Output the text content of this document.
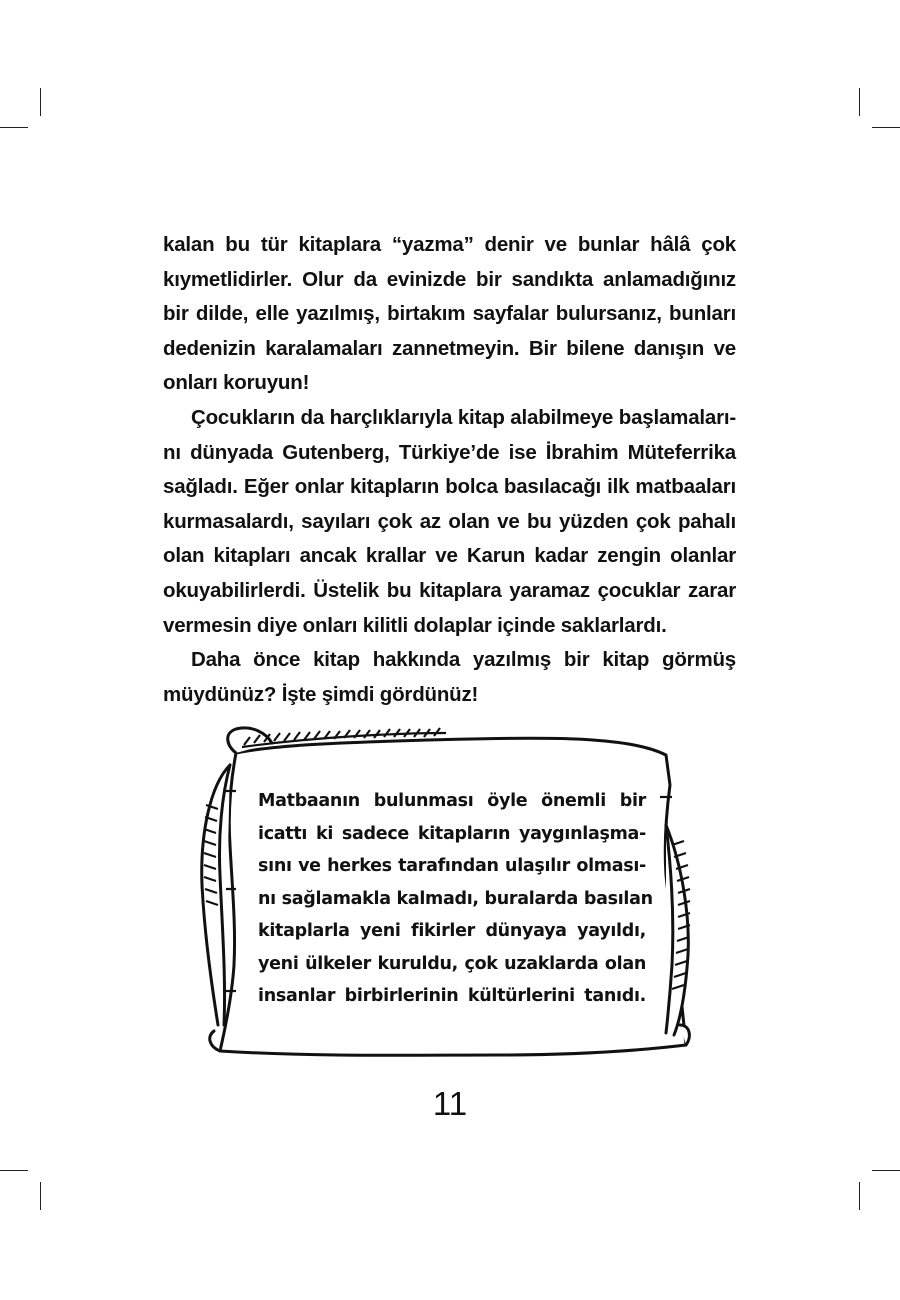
kalan bu tür kitaplara “yazma” denir ve bunlar hâlâ çok
kıymetlidirler. Olur da evinizde bir sandıkta anlamadığınız
bir dilde, elle yazılmış, birtakım sayfalar bulursanız, bunları
dedenizin karalamaları zannetmeyin. Bir bilene danışın ve
onları koruyun!

Çocukların da harçlıklarıyla kitap alabilmeye başlamaları-
nı dünyada Gutenberg, Türkiye’de ise İbrahim Müteferrika
sağladı. Eğer onlar kitapların bolca basılacağı ilk matbaaları
kurmasalardı, sayıları çok az olan ve bu yüzden çok pahalı
olan kitapları ancak krallar ve Karun kadar zengin olanlar
okuyabilirlerdi. Üstelik bu kitaplara yaramaz çocuklar zarar
vermesin diye onları kilitli dolaplar içinde saklarlardı.

Daha önce kitap hakkında yazılmış bir kitap görmüş
müydünüz? İşte şimdi gördünüz!

Matbaanın bulunması öyle önemli bir
icattı ki sadece kitapların yaygınlaşma-
sını ve herkes tarafından ulaşılır olması-
nı sağlamakla kalmadı, buralarda basılan
kitaplarla yeni fikirler dünyaya yayıldı,
yeni ülkeler kuruldu, çok uzaklarda olan
insanlar birbirlerinin kültürlerini tanıdı.
11
